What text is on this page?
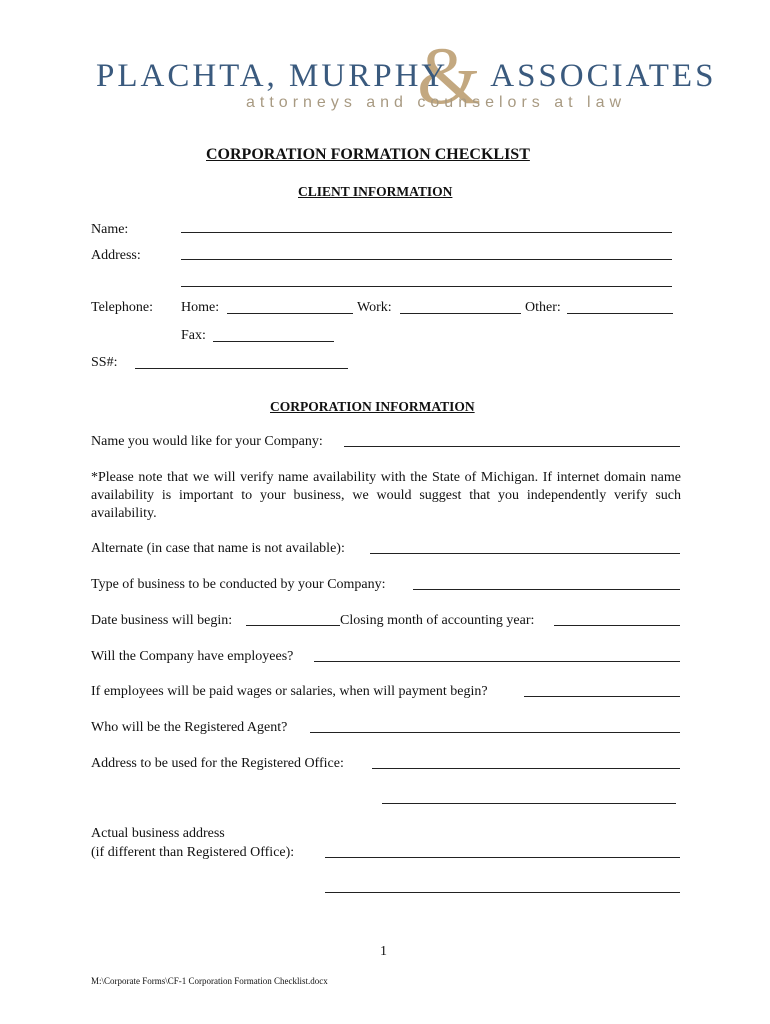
&
PLACHTA, MURPHY ASSOCIATES
attorneys and counselors at law
CORPORATION FORMATION CHECKLIST
CLIENT INFORMATION
Name:
Address:
Telephone: Home:	Work:	Other:
Fax:
SS#:
CORPORATION INFORMATION
Name you would like for your Company:
*Please note that we will verify name availability with the State of Michigan. If internet domain name availability is important to your business, we would suggest that you independently verify such availability.
Alternate (in case that name is not available):
Type of business to be conducted by your Company:
Date business will begin:	Closing month of accounting year:
Will the Company have employees?
If employees will be paid wages or salaries, when will payment begin?
Who will be the Registered Agent?
Address to be used for the Registered Office:
Actual business address
(if different than Registered Office):
1
M:\Corporate Forms\CF-1 Corporation Formation Checklist.docx
